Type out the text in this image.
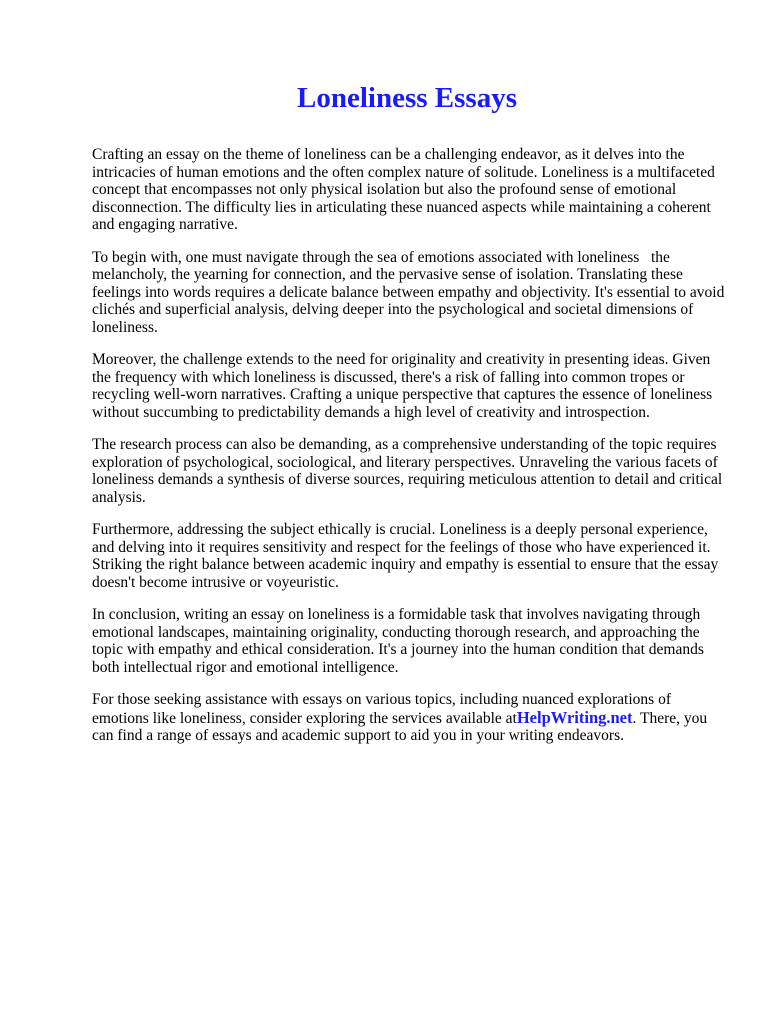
Loneliness Essays

Crafting an essay on the theme of loneliness can be a challenging endeavor, as it delves into the intricacies of human emotions and the often complex nature of solitude. Loneliness is a multifaceted concept that encompasses not only physical isolation but also the profound sense of emotional disconnection. The difficulty lies in articulating these nuanced aspects while maintaining a coherent and engaging narrative.

To begin with, one must navigate through the sea of emotions associated with loneliness   the melancholy, the yearning for connection, and the pervasive sense of isolation. Translating these feelings into words requires a delicate balance between empathy and objectivity. It's essential to avoid clichés and superficial analysis, delving deeper into the psychological and societal dimensions of loneliness.

Moreover, the challenge extends to the need for originality and creativity in presenting ideas. Given the frequency with which loneliness is discussed, there's a risk of falling into common tropes or recycling well-worn narratives. Crafting a unique perspective that captures the essence of loneliness without succumbing to predictability demands a high level of creativity and introspection.

The research process can also be demanding, as a comprehensive understanding of the topic requires exploration of psychological, sociological, and literary perspectives. Unraveling the various facets of loneliness demands a synthesis of diverse sources, requiring meticulous attention to detail and critical analysis.

Furthermore, addressing the subject ethically is crucial. Loneliness is a deeply personal experience, and delving into it requires sensitivity and respect for the feelings of those who have experienced it. Striking the right balance between academic inquiry and empathy is essential to ensure that the essay doesn't become intrusive or voyeuristic.

In conclusion, writing an essay on loneliness is a formidable task that involves navigating through emotional landscapes, maintaining originality, conducting thorough research, and approaching the topic with empathy and ethical consideration. It's a journey into the human condition that demands both intellectual rigor and emotional intelligence.

For those seeking assistance with essays on various topics, including nuanced explorations of emotions like loneliness, consider exploring the services available atHelpWriting.net. There, you can find a range of essays and academic support to aid you in your writing endeavors.
